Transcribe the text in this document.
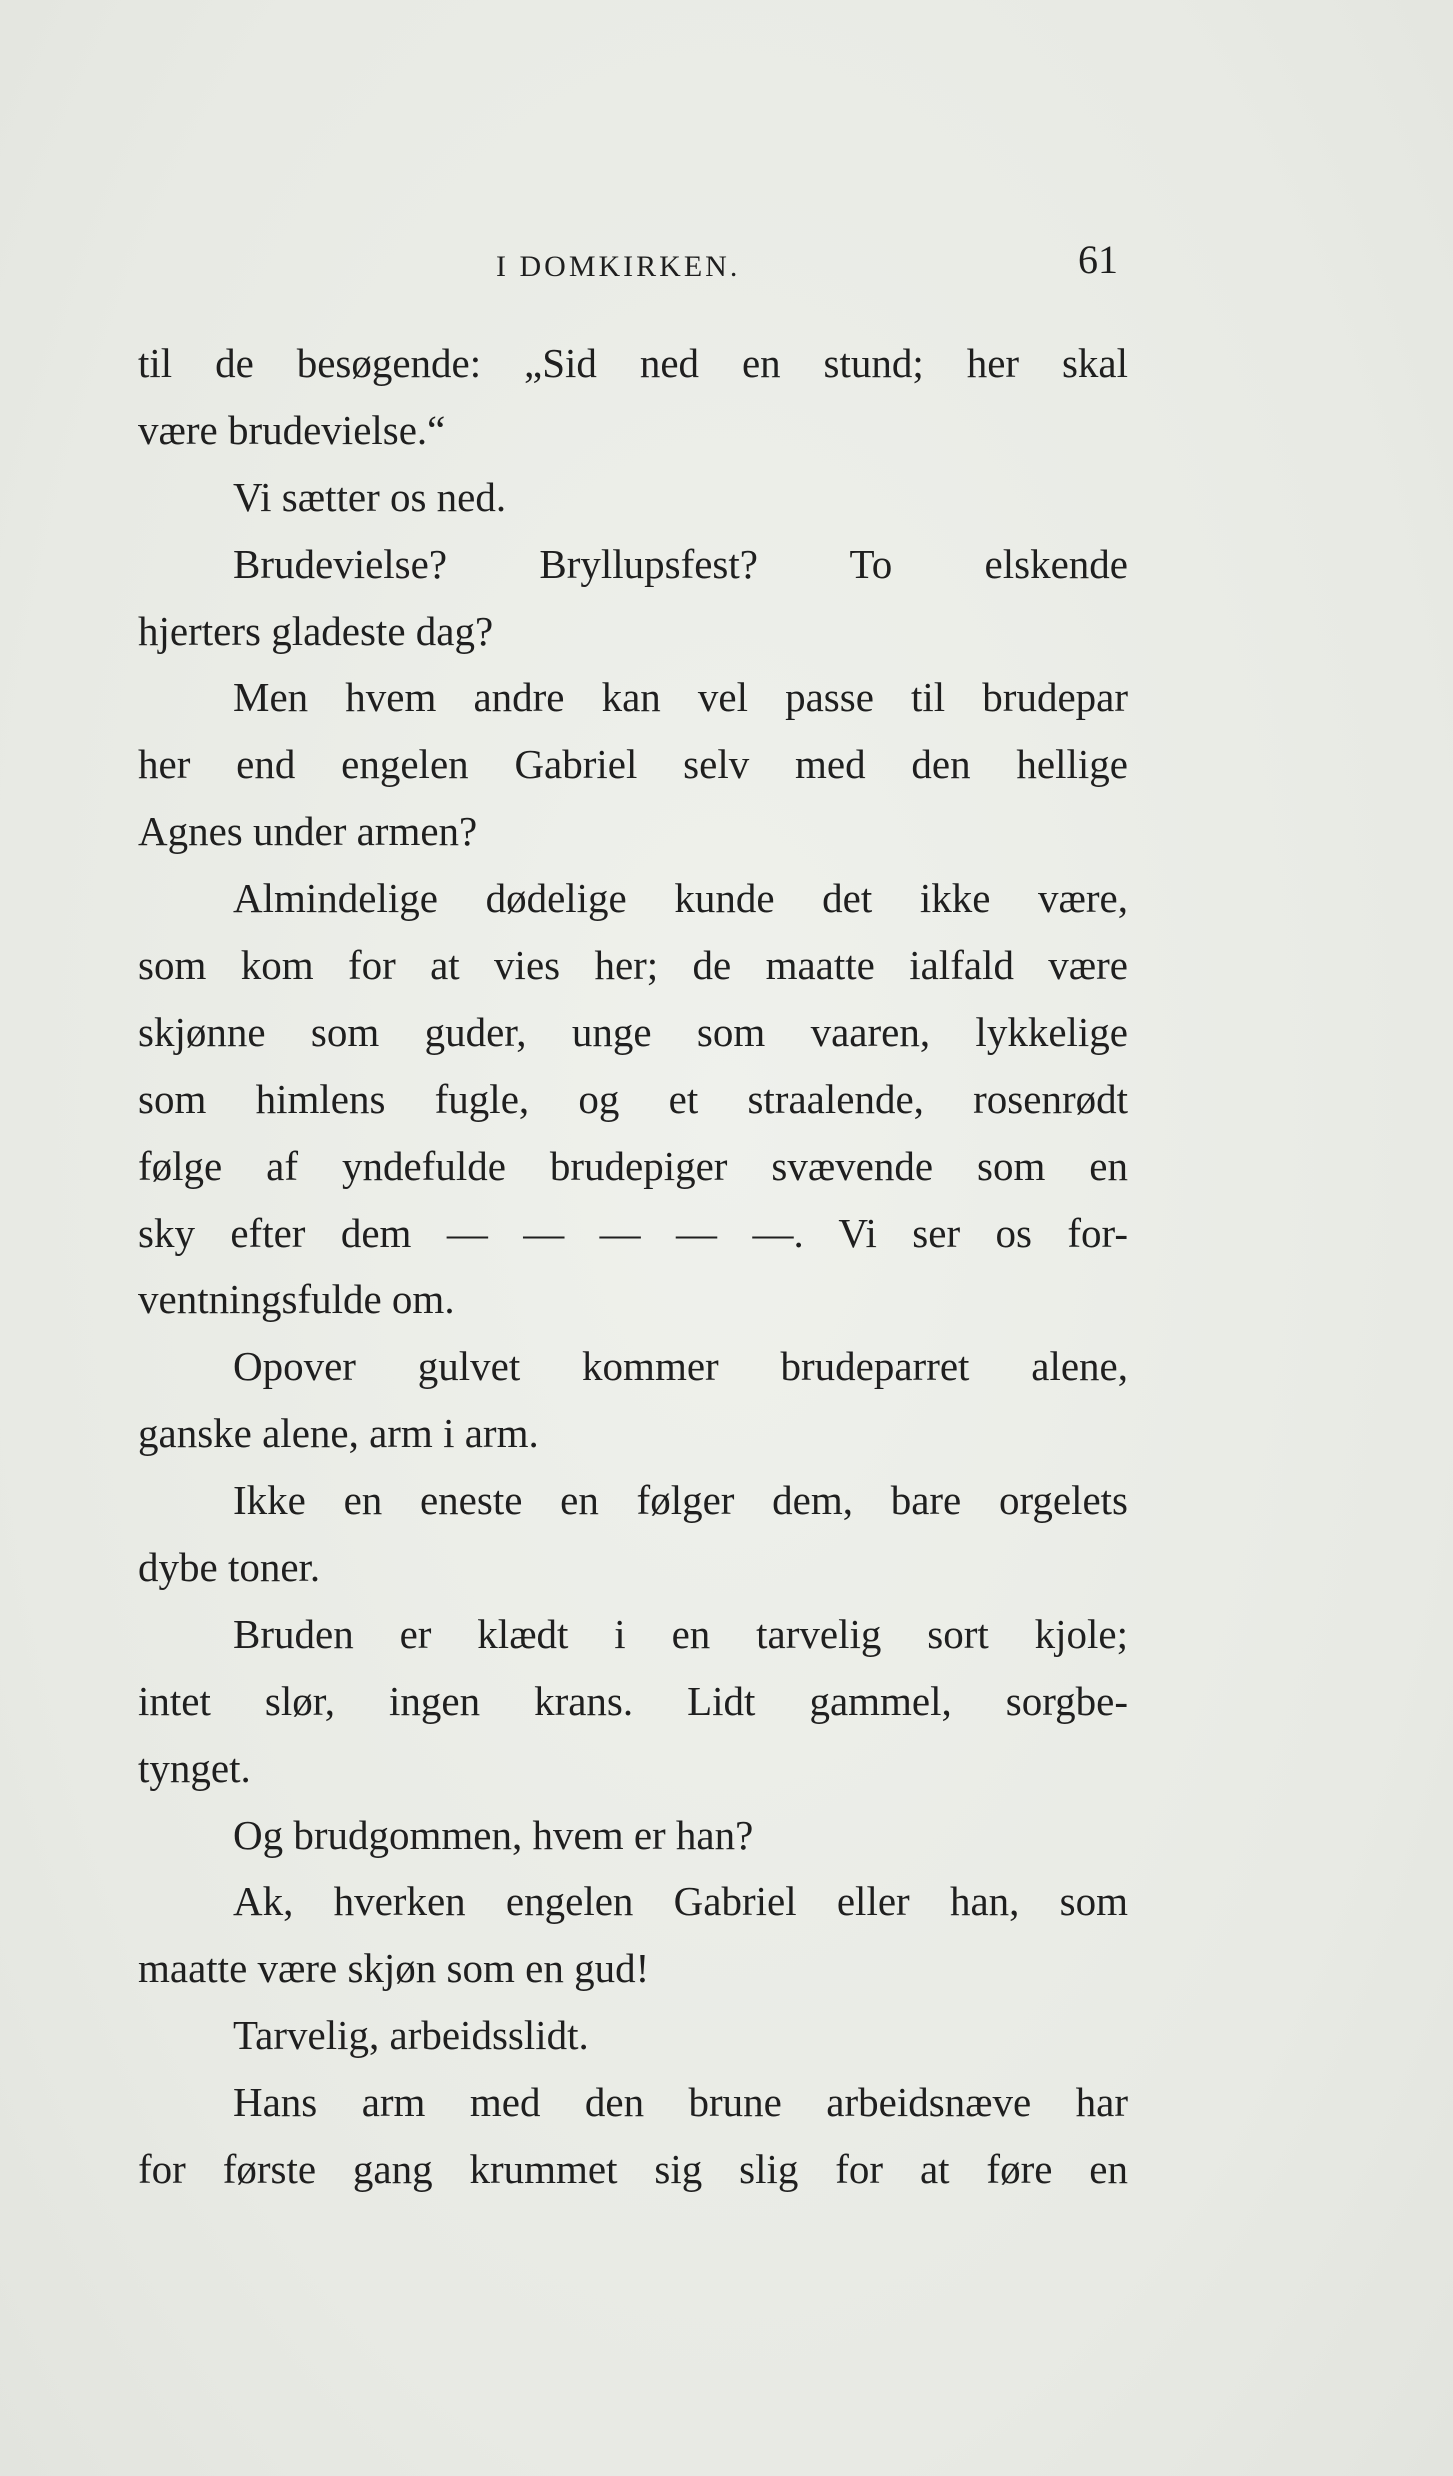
I DOMKIRKEN.	61
til de besøgende: „Sid ned en stund; her skal
være brudevielse.“
Vi sætter os ned.
Brudevielse? Bryllupsfest? To elskende
hjerters gladeste dag?
Men hvem andre kan vel passe til brudepar
her end engelen Gabriel selv med den hellige
Agnes under armen?
Almindelige dødelige kunde det ikke være,
som kom for at vies her; de maatte ialfald være
skjønne som guder, unge som vaaren, lykkelige
som himlens fugle, og et straalende, rosenrødt
følge af yndefulde brudepiger svævende som en
sky efter dem — — — — —. Vi ser os for-
ventningsfulde om.
Opover gulvet kommer brudeparret alene,
ganske alene, arm i arm.
Ikke en eneste en følger dem, bare orgelets
dybe toner.
Bruden er klædt i en tarvelig sort kjole;
intet slør, ingen krans. Lidt gammel, sorgbe-
tynget.
Og brudgommen, hvem er han?
Ak, hverken engelen Gabriel eller han, som
maatte være skjøn som en gud!
Tarvelig, arbeidsslidt.
Hans arm med den brune arbeidsnæve har
for første gang krummet sig slig for at føre en
